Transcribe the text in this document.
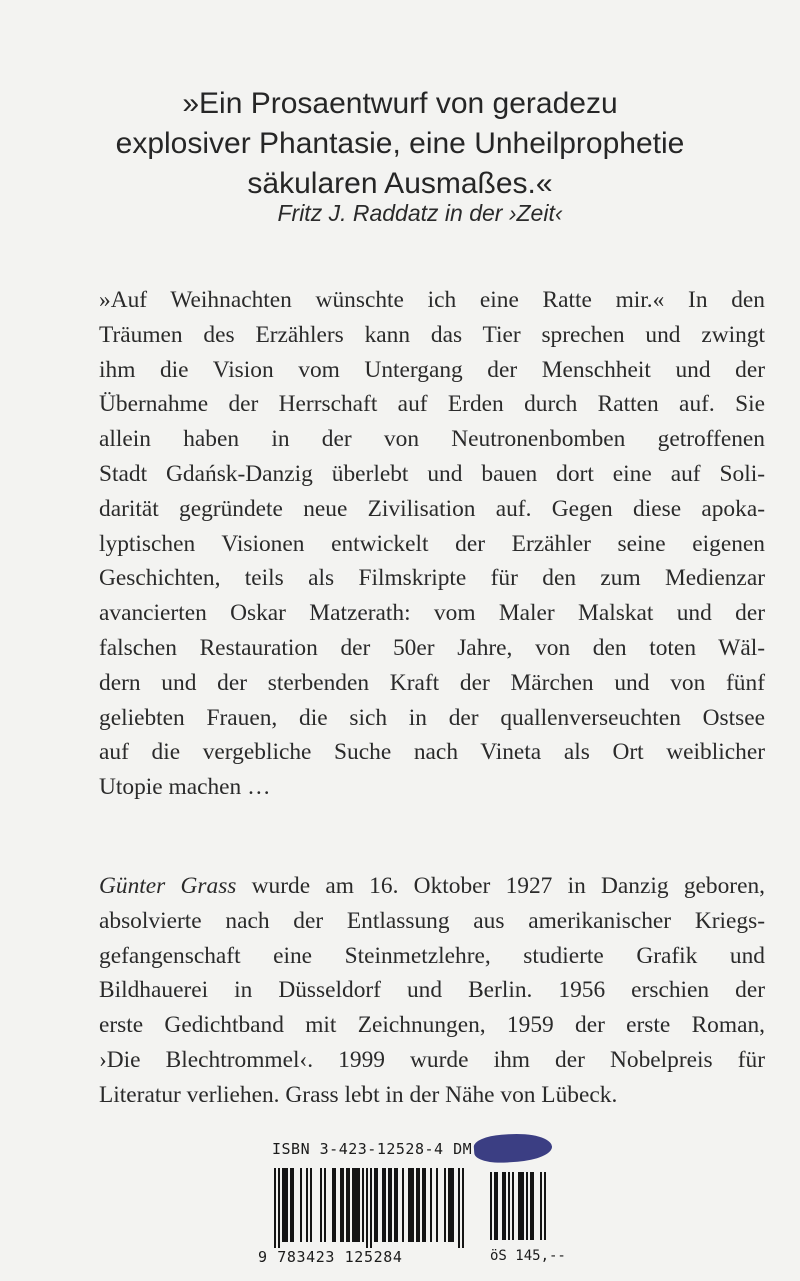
»Ein Prosaentwurf von geradezu

explosiver Phantasie, eine Unheilprophetie

säkularen Ausmaßes.«

Fritz J. Raddatz in der ›Zeit‹
»Auf Weihnachten wünschte ich eine Ratte mir.« In den
Träumen des Erzählers kann das Tier sprechen und zwingt
ihm die Vision vom Untergang der Menschheit und der
Übernahme der Herrschaft auf Erden durch Ratten auf. Sie
allein haben in der von Neutronenbomben getroffenen
Stadt Gdańsk-Danzig überlebt und bauen dort eine auf Soli-
darität gegründete neue Zivilisation auf. Gegen diese apoka-
lyptischen Visionen entwickelt der Erzähler seine eigenen
Geschichten, teils als Filmskripte für den zum Medienzar
avancierten Oskar Matzerath: vom Maler Malskat und der
falschen Restauration der 50er Jahre, von den toten Wäl-
dern und der sterbenden Kraft der Märchen und von fünf
geliebten Frauen, die sich in der quallenverseuchten Ostsee
auf die vergebliche Suche nach Vineta als Ort weiblicher
Utopie machen …
Günter Grass wurde am 16. Oktober 1927 in Danzig geboren,
absolvierte nach der Entlassung aus amerikanischer Kriegs-
gefangenschaft eine Steinmetzlehre, studierte Grafik und
Bildhauerei in Düsseldorf und Berlin. 1956 erschien der
erste Gedichtband mit Zeichnungen, 1959 der erste Roman,
›Die Blechtrommel‹. 1999 wurde ihm der Nobelpreis für
Literatur verliehen. Grass lebt in der Nähe von Lübeck.
ISBN 3-423-12528-4 DM
9 783423 125284	öS 145,--
